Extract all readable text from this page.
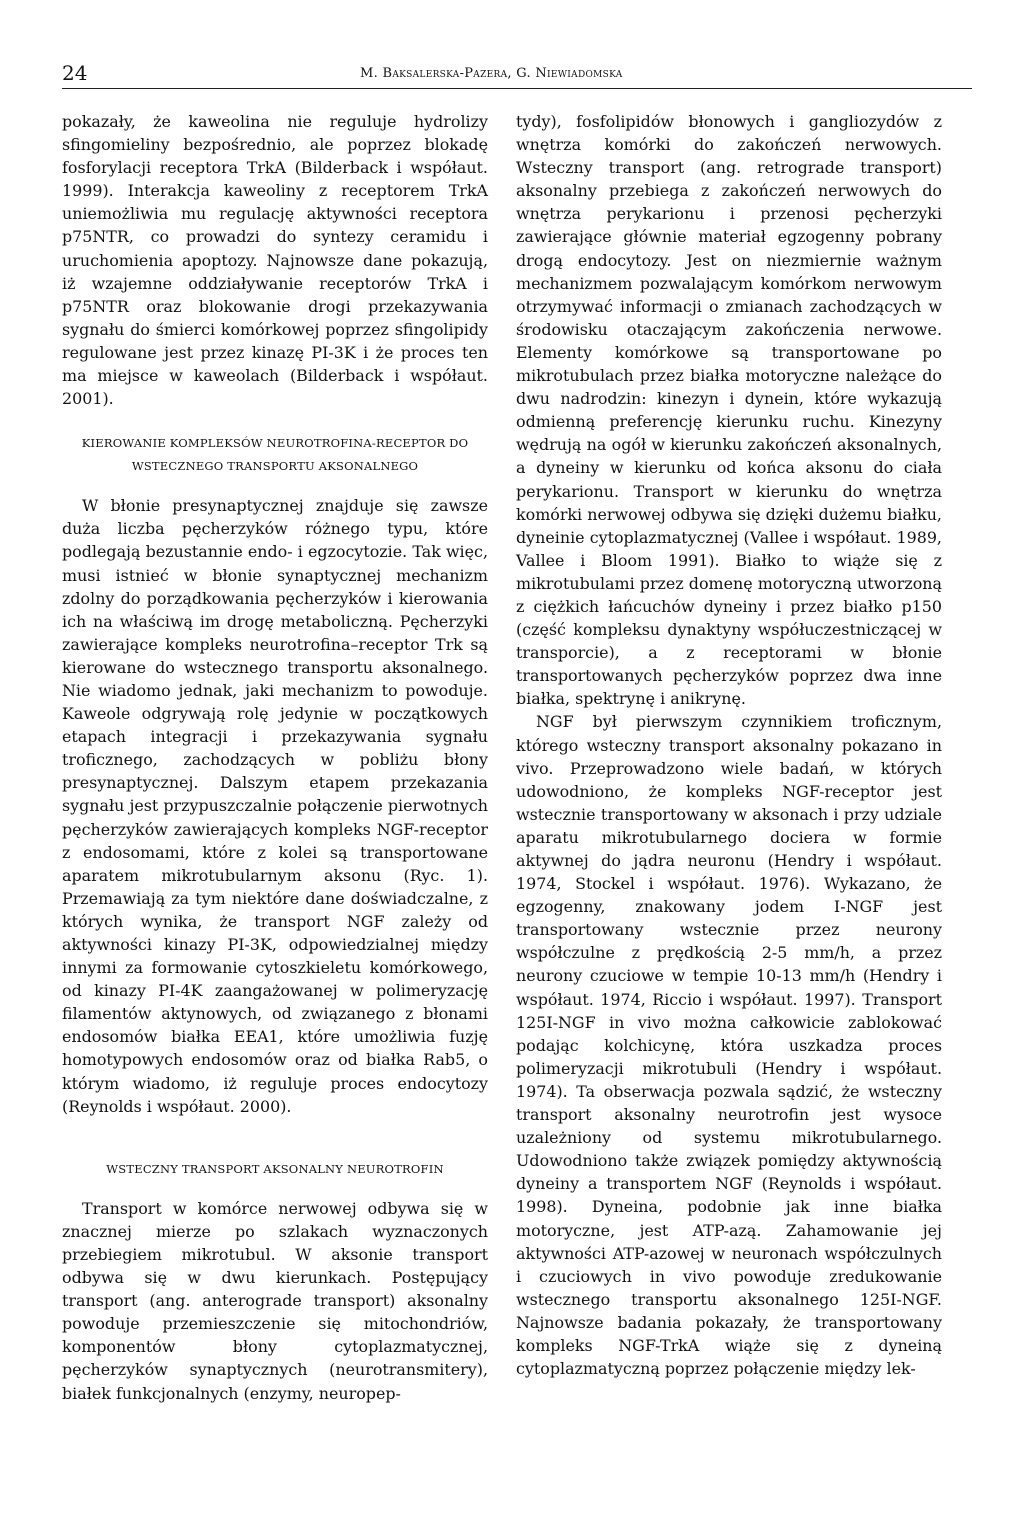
24	M. Baksalerska-Pazera, G. Niewiadomska

pokazały, że kaweolina nie reguluje hydrolizy sfingomieliny bezpośrednio, ale poprzez blokadę fosforylacji receptora TrkA (Bilderback i współaut. 1999). Interakcja kaweoliny z receptorem TrkA uniemożliwia mu regulację aktywności receptora p75NTR, co prowadzi do syntezy ceramidu i uruchomienia apoptozy. Najnowsze dane pokazują, iż wzajemne oddziaływanie receptorów TrkA i p75NTR oraz blokowanie drogi przekazywania sygnału do śmierci komórkowej poprzez sfingolipidy regulowane jest przez kinazę PI-3K i że proces ten ma miejsce w kaweolach (Bilderback i współaut. 2001).

KIEROWANIE KOMPLEKSÓW NEUROTROFINA-RECEPTOR DO

WSTECZNEGO TRANSPORTU AKSONALNEGO

W błonie presynaptycznej znajduje się zawsze duża liczba pęcherzyków różnego typu, które podlegają bezustannie endo- i egzocytozie. Tak więc, musi istnieć w błonie synaptycznej mechanizm zdolny do porządkowania pęcherzyków i kierowania ich na właściwą im drogę metaboliczną. Pęcherzyki zawierające kompleks neurotrofina–receptor Trk są kierowane do wstecznego transportu aksonalnego. Nie wiadomo jednak, jaki mechanizm to powoduje. Kaweole odgrywają rolę jedynie w początkowych etapach integracji i przekazywania sygnału troficznego, zachodzących w pobliżu błony presynaptycznej. Dalszym etapem przekazania sygnału jest przypuszczalnie połączenie pierwotnych pęcherzyków zawierających kompleks NGF-receptor z endosomami, które z kolei są transportowane aparatem mikrotubularnym aksonu (Ryc. 1). Przemawiają za tym niektóre dane doświadczalne, z których wynika, że transport NGF zależy od aktywności kinazy PI-3K, odpowiedzialnej między innymi za formowanie cytoszkieletu komórkowego, od kinazy PI-4K zaangażowanej w polimeryzację filamentów aktynowych, od związanego z błonami endosomów białka EEA1, które umożliwia fuzję homotypowych endosomów oraz od białka Rab5, o którym wiadomo, iż reguluje proces endocytozy (Reynolds i współaut. 2000).

WSTECZNY TRANSPORT AKSONALNY NEUROTROFIN

Transport w komórce nerwowej odbywa się w znacznej mierze po szlakach wyznaczonych przebiegiem mikrotubul. W aksonie transport odbywa się w dwu kierunkach. Postępujący transport (ang. anterograde transport) aksonalny powoduje przemieszczenie się mitochondriów, komponentów błony cytoplazmatycznej, pęcherzyków synaptycznych (neurotransmitery), białek funkcjonalnych (enzymy, neuropep-

tydy), fosfolipidów błonowych i gangliozydów z wnętrza komórki do zakończeń nerwowych. Wsteczny transport (ang. retrograde transport) aksonalny przebiega z zakończeń nerwowych do wnętrza perykarionu i przenosi pęcherzyki zawierające głównie materiał egzogenny pobrany drogą endocytozy. Jest on niezmiernie ważnym mechanizmem pozwalającym komórkom nerwowym otrzymywać informacji o zmianach zachodzących w środowisku otaczającym zakończenia nerwowe. Elementy komórkowe są transportowane po mikrotubulach przez białka motoryczne należące do dwu nadrodzin: kinezyn i dynein, które wykazują odmienną preferencję kierunku ruchu. Kinezyny wędrują na ogół w kierunku zakończeń aksonalnych, a dyneiny w kierunku od końca aksonu do ciała perykarionu. Transport w kierunku do wnętrza komórki nerwowej odbywa się dzięki dużemu białku, dyneinie cytoplazmatycznej (Vallee i współaut. 1989, Vallee i Bloom 1991). Białko to wiąże się z mikrotubulami przez domenę motoryczną utworzoną z ciężkich łańcuchów dyneiny i przez białko p150 (część kompleksu dynaktyny współuczestniczącej w transporcie), a z receptorami w błonie transportowanych pęcherzyków poprzez dwa inne białka, spektrynę i anikrynę.

NGF był pierwszym czynnikiem troficznym, którego wsteczny transport aksonalny pokazano in vivo. Przeprowadzono wiele badań, w których udowodniono, że kompleks NGF-receptor jest wstecznie transportowany w aksonach i przy udziale aparatu mikrotubularnego dociera w formie aktywnej do jądra neuronu (Hendry i współaut. 1974, Stockel i współaut. 1976). Wykazano, że egzogenny, znakowany jodem I-NGF jest transportowany wstecznie przez neurony współczulne z prędkością 2-5 mm/h, a przez neurony czuciowe w tempie 10-13 mm/h (Hendry i współaut. 1974, Riccio i współaut. 1997). Transport 125I-NGF in vivo można całkowicie zablokować podając kolchicynę, która uszkadza proces polimeryzacji mikrotubuli (Hendry i współaut. 1974). Ta obserwacja pozwala sądzić, że wsteczny transport aksonalny neurotrofin jest wysoce uzależniony od systemu mikrotubularnego. Udowodniono także związek pomiędzy aktywnością dyneiny a transportem NGF (Reynolds i współaut. 1998). Dyneina, podobnie jak inne białka motoryczne, jest ATP-azą. Zahamowanie jej aktywności ATP-azowej w neuronach współczulnych i czuciowych in vivo powoduje zredukowanie wstecznego transportu aksonalnego 125I-NGF. Najnowsze badania pokazały, że transportowany kompleks NGF-TrkA wiąże się z dyneiną cytoplazmatyczną poprzez połączenie między lek-
